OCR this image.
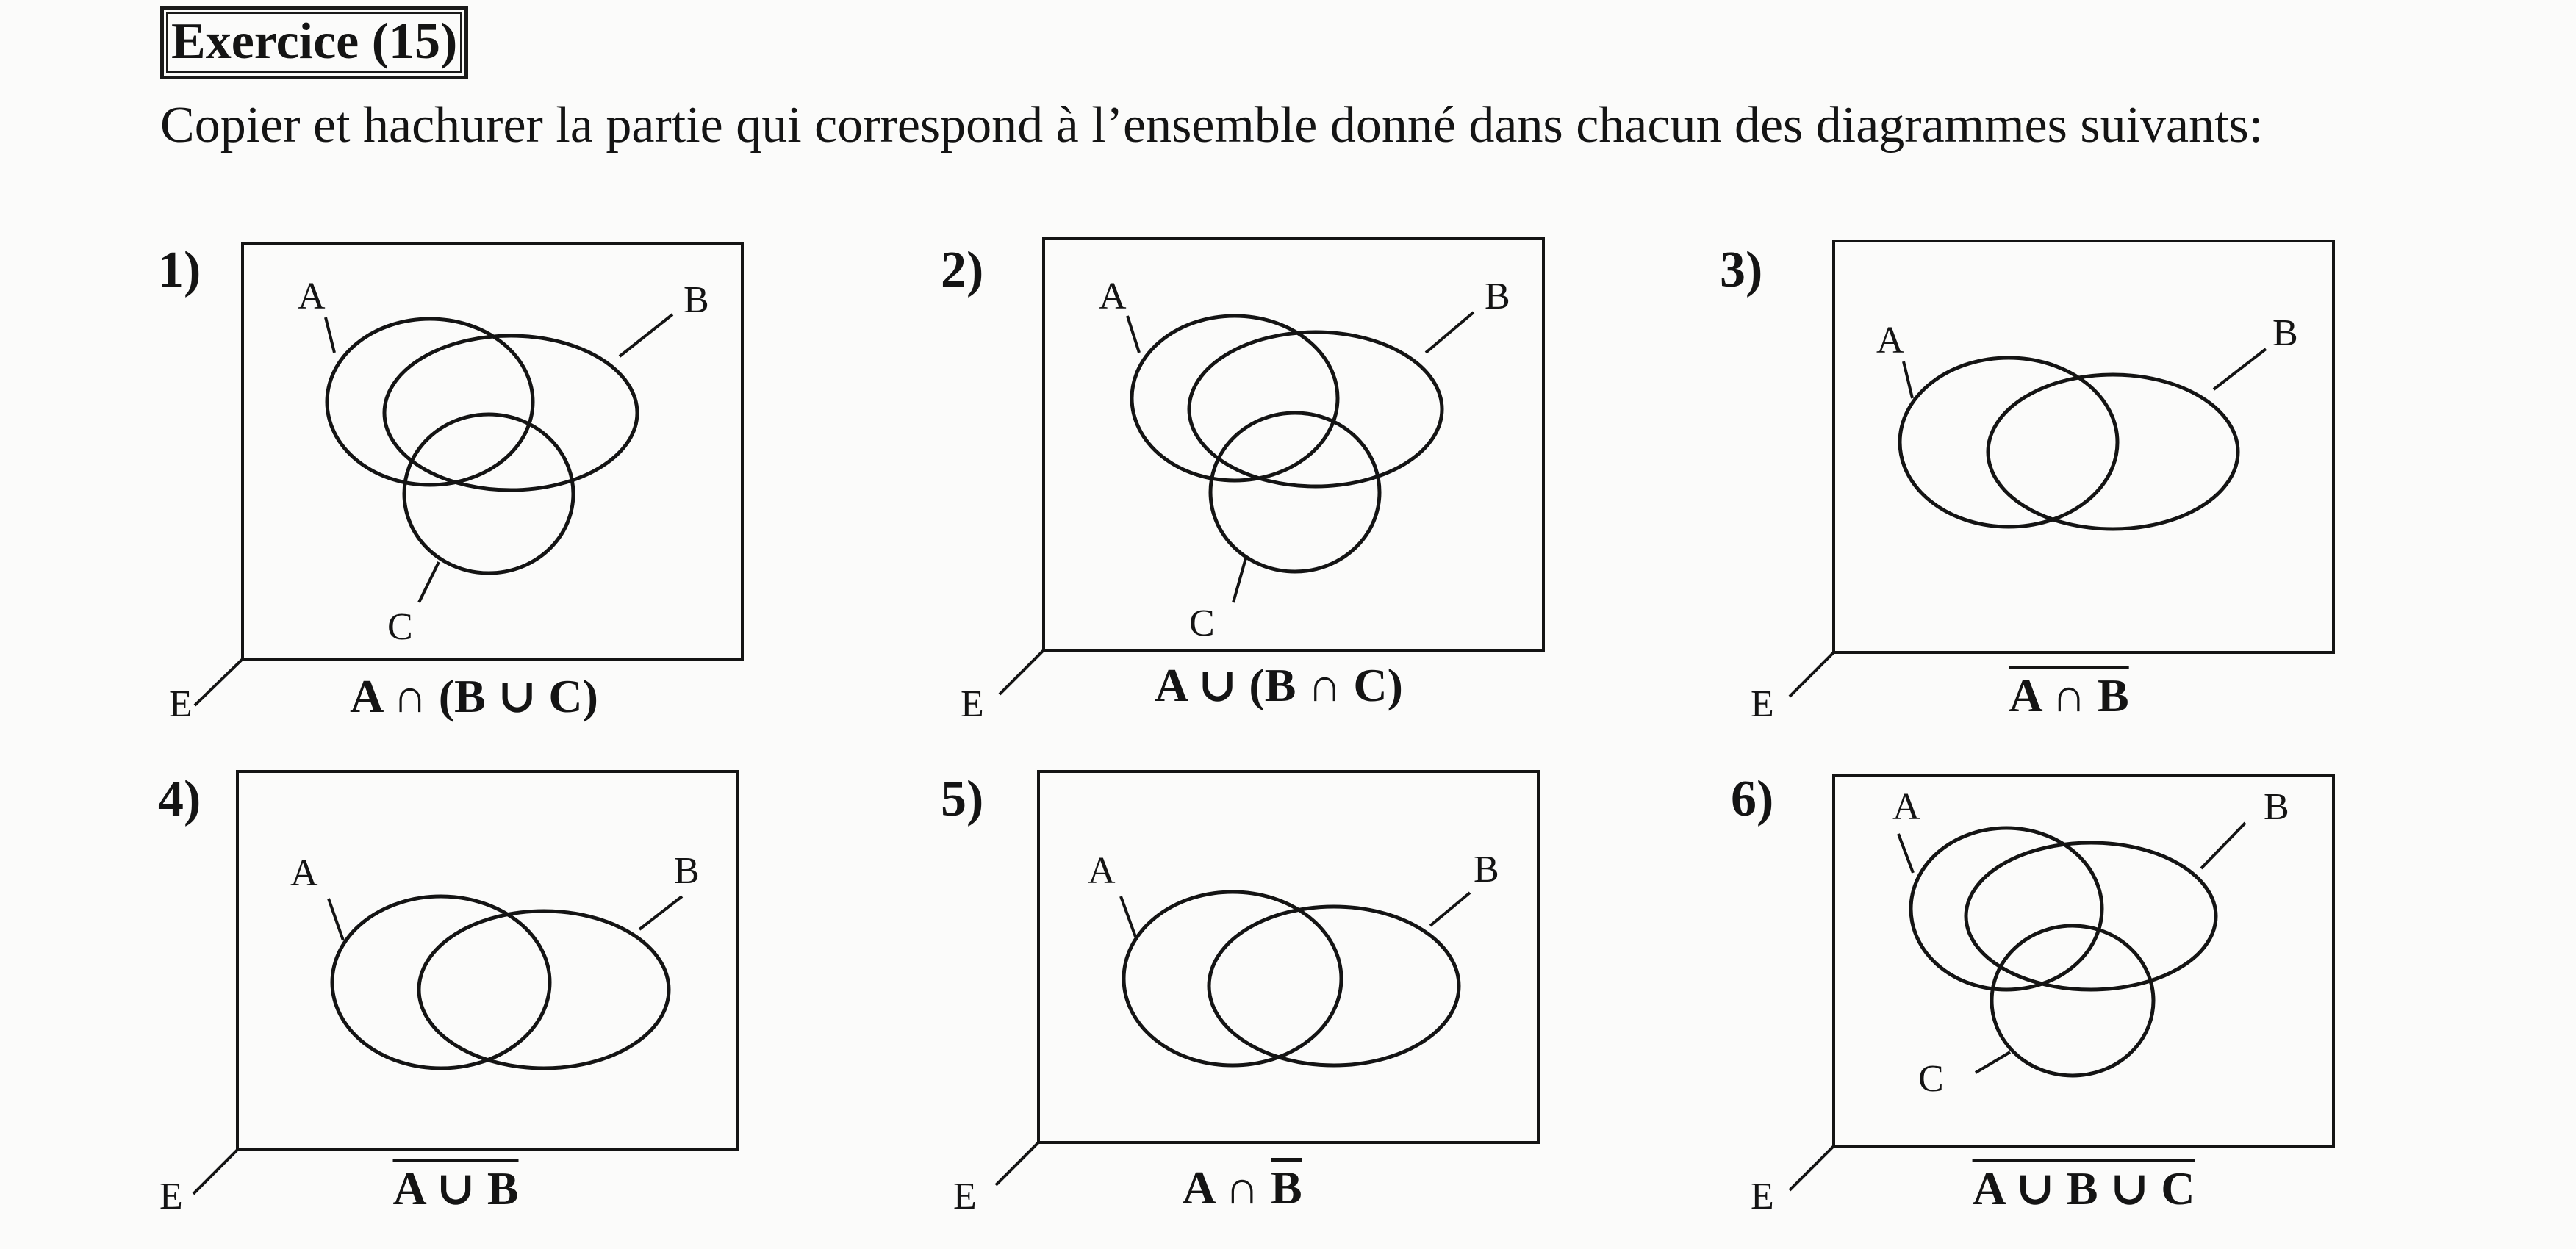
Exercice (15)
Copier et hachurer la partie qui correspond à l’ensemble donné dans chacun des diagrammes suivants:
E
A	B
C
1)
A ∩ (B ∪ C)	E
A	B
C
2)
A ∪ (B ∩ C)	E
A	B
3)
A ∩ B
E
A	B
4)
A ∪ B	E
A	B
5)
A ∩ $\overline{B}$	E
A	B
C
6)
A ∪ B ∪ C
